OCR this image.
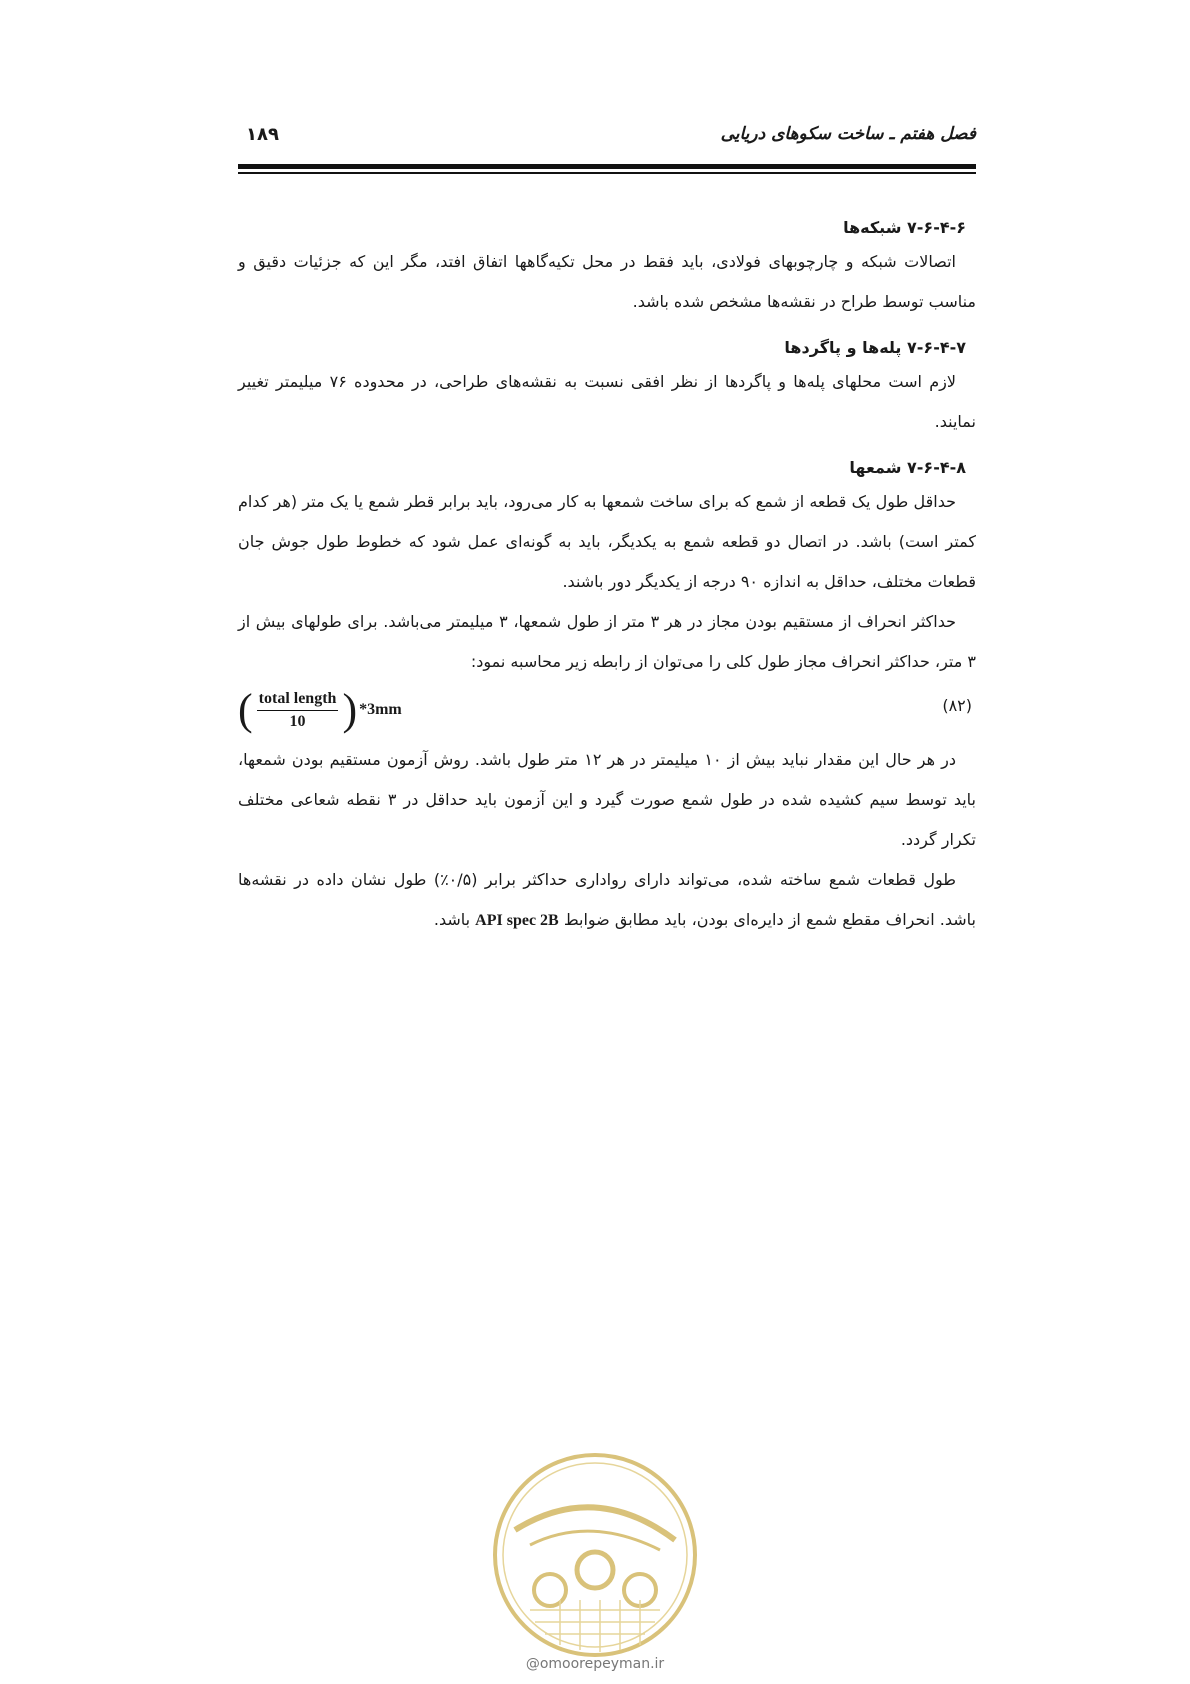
فصل هفتم ـ ساخت سکوهای دریایی
۱۸۹
۷-۶-۴-۶ شبکه‌ها

اتصالات شبکه و چارچوبهای فولادی، باید فقط در محل تکیه‌گاهها اتفاق افتد، مگر این که جزئیات دقیق و مناسب توسط طراح در نقشه‌ها مشخص شده باشد.

۷-۶-۴-۷ پله‌ها و پاگردها

لازم است محلهای پله‌ها و پاگردها از نظر افقی نسبت به نقشه‌های طراحی، در محدوده ۷۶ میلیمتر تغییر نمایند.

۷-۶-۴-۸ شمعها

حداقل طول یک قطعه از شمع که برای ساخت شمعها به کار می‌رود، باید برابر قطر شمع یا یک متر (هر کدام کمتر است) باشد. در اتصال دو قطعه شمع به یکدیگر، باید به گونه‌ای عمل شود که خطوط طول جوش جان قطعات مختلف، حداقل به اندازه ۹۰ درجه از یکدیگر دور باشند.

حداکثر انحراف از مستقیم بودن مجاز در هر ۳ متر از طول شمعها، ۳ میلیمتر می‌باشد. برای طولهای بیش از ۳ متر، حداکثر انحراف مجاز طول کلی را می‌توان از رابطه زیر محاسبه نمود:

( $\frac{\text{total length}}{10}$ ) *3mm	(۸۲)

در هر حال این مقدار نباید بیش از ۱۰ میلیمتر در هر ۱۲ متر طول باشد. روش آزمون مستقیم بودن شمعها، باید توسط سیم کشیده شده در طول شمع صورت گیرد و این آزمون باید حداقل در ۳ نقطه شعاعی مختلف تکرار گردد.

طول قطعات شمع ساخته شده، می‌تواند دارای رواداری حداکثر برابر (۰/۵٪) طول نشان داده در نقشه‌ها باشد. انحراف مقطع شمع از دایره‌ای بودن، باید مطابق ضوابط API spec 2B باشد.

@omoorepeyman.ir
